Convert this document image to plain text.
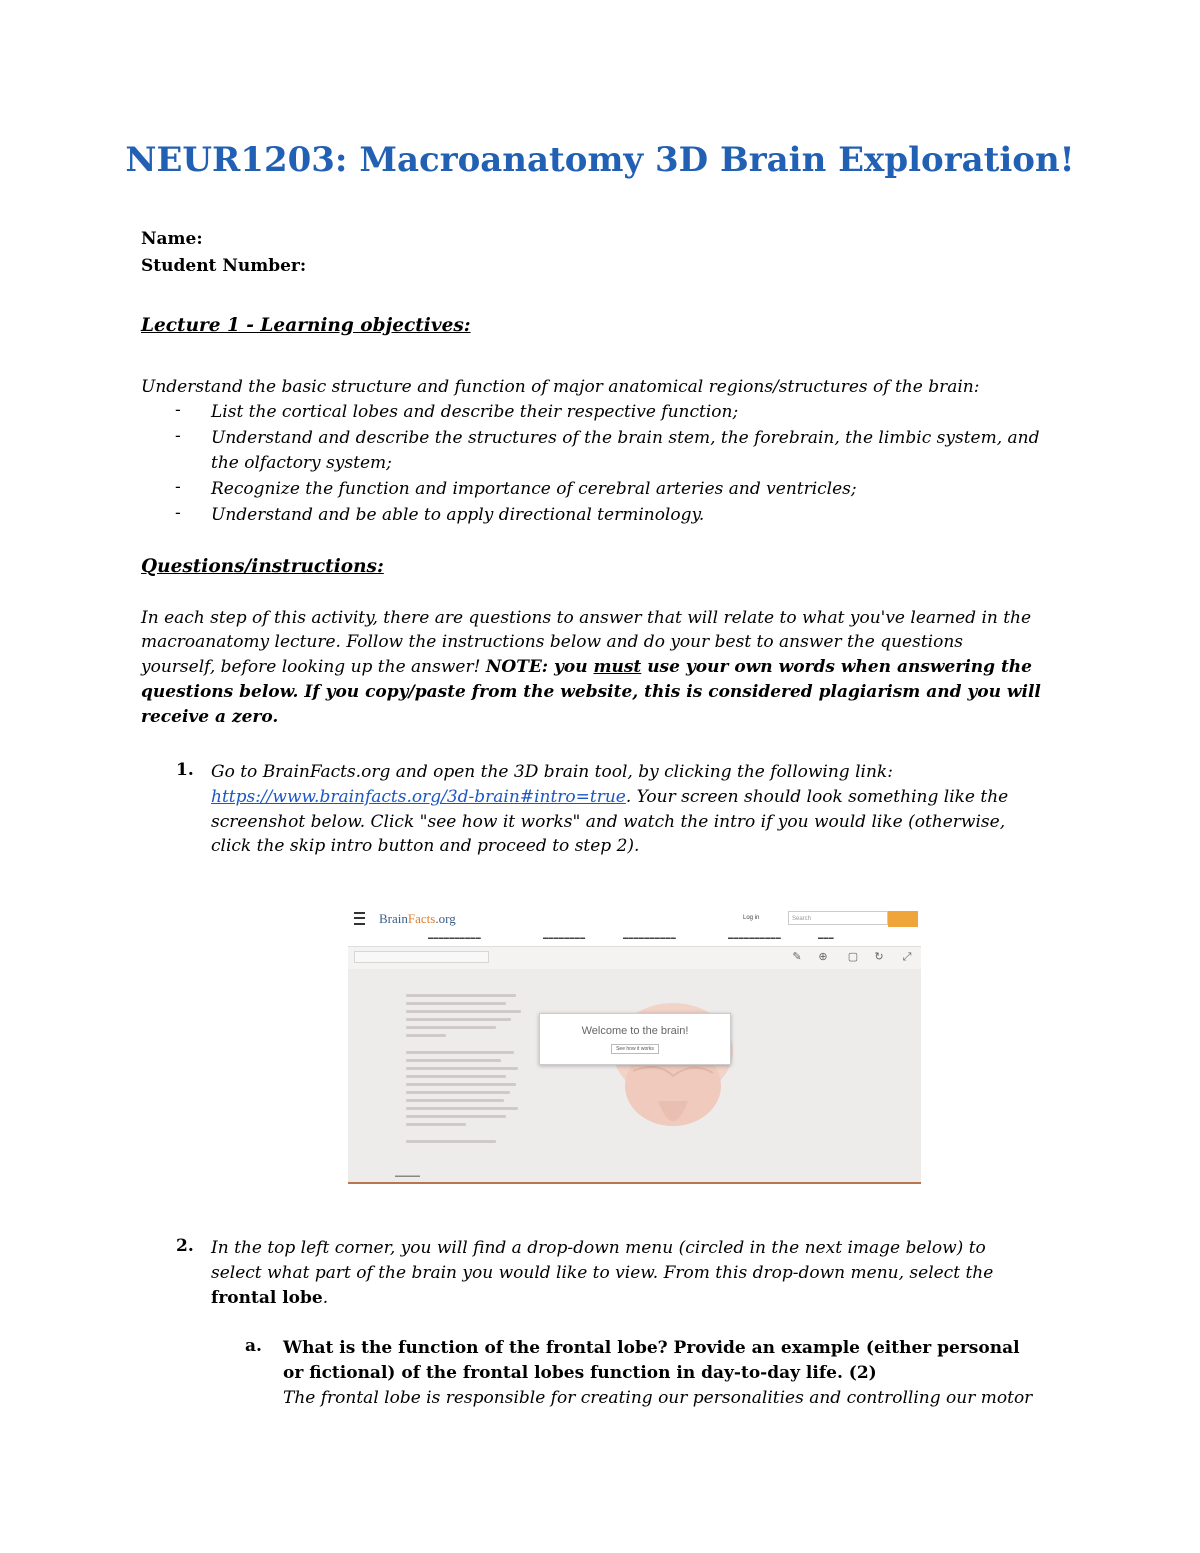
NEUR1203: Macroanatomy 3D Brain Exploration!
Name:
Student Number:
Lecture 1 - Learning objectives:
Understand the basic structure and function of major anatomical regions/structures of the brain:
- List the cortical lobes and describe their respective function;
- Understand and describe the structures of the brain stem, the forebrain, the limbic system, and
the olfactory system;
- Recognize the function and importance of cerebral arteries and ventricles;
- Understand and be able to apply directional terminology.
Questions/instructions:
In each step of this activity, there are questions to answer that will relate to what you've learned in the
macroanatomy lecture. Follow the instructions below and do your best to answer the questions
yourself, before looking up the answer! NOTE: you must use your own words when answering the
questions below. If you copy/paste from the website, this is considered plagiarism and you will
receive a zero.
1. Go to BrainFacts.org and open the 3D brain tool, by clicking the following link:
https://www.brainfacts.org/3d-brain#intro=true. Your screen should look something like the
screenshot below. Click "see how it works" and watch the intro if you would like (otherwise,
click the skip intro button and proceed to step 2).
BrainFacts.org	Log in	Search
▬▬▬▬▬▬▬▬▬▬	▬▬▬▬▬▬▬▬	▬▬▬▬▬▬▬▬▬▬	▬▬▬▬▬▬▬▬▬▬	▬▬▬
✎ ⊕ ▢ ↻ ⤢
Welcome to the brain!
See how it works
▬▬▬▬▬
2. In the top left corner, you will find a drop-down menu (circled in the next image below) to
select what part of the brain you would like to view. From this drop-down menu, select the
frontal lobe.
a. What is the function of the frontal lobe? Provide an example (either personal
or fictional) of the frontal lobes function in day-to-day life. (2)
The frontal lobe is responsible for creating our personalities and controlling our motor
